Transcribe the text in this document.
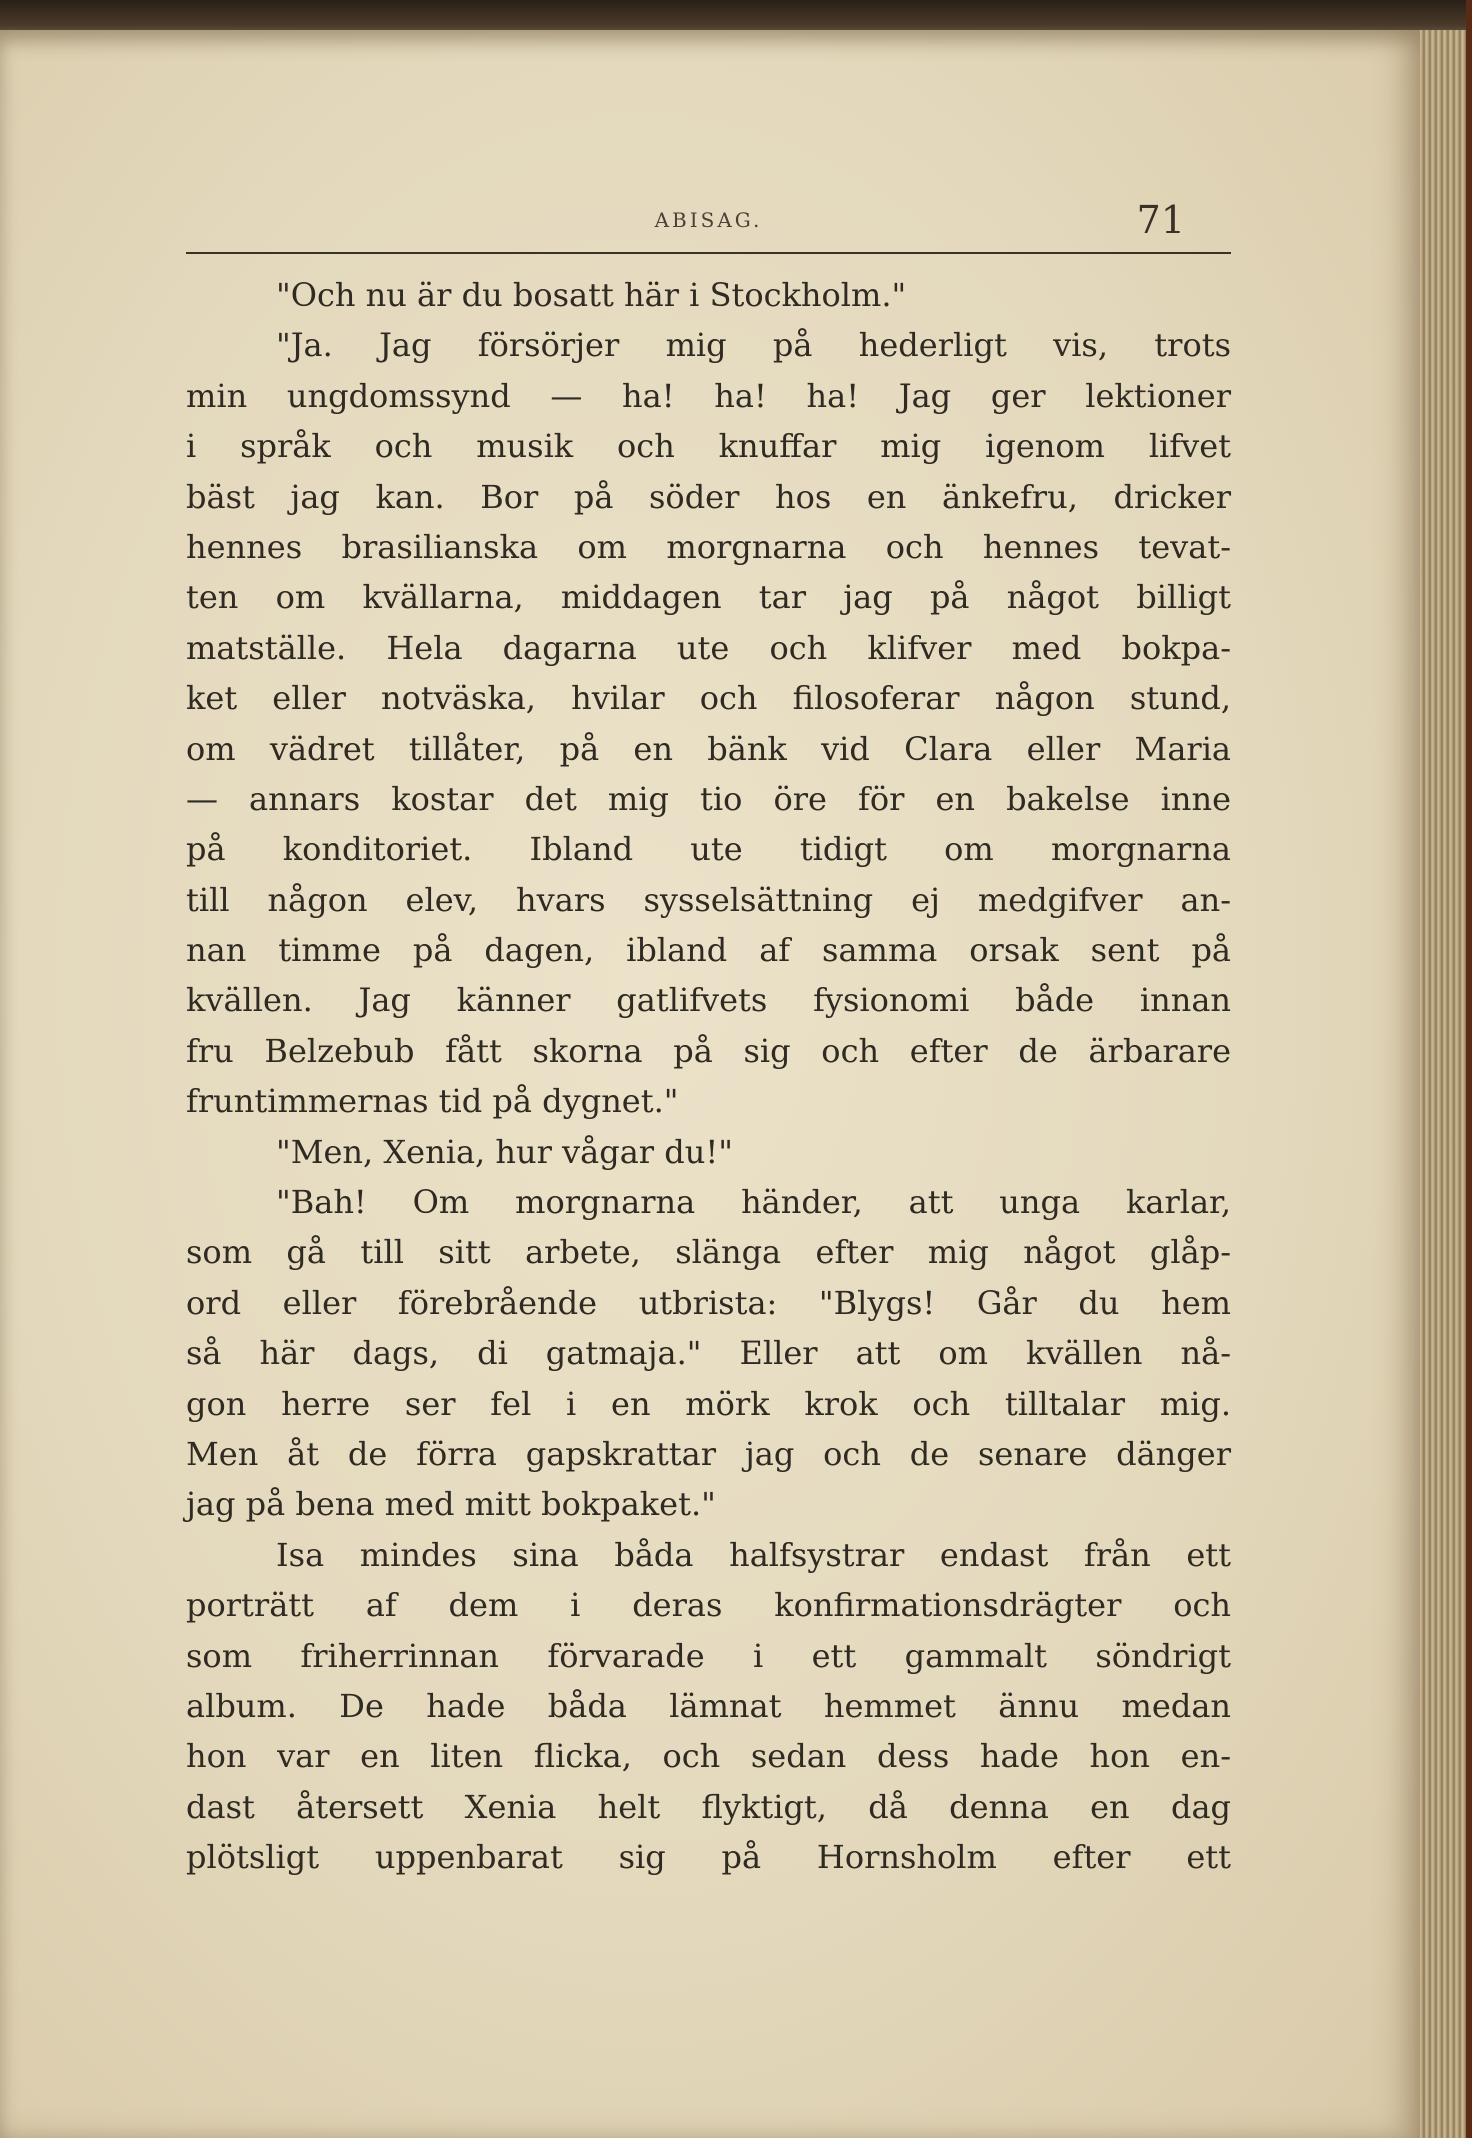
ABISAG.	71
"Och nu är du bosatt här i Stockholm."
"Ja. Jag försörjer mig på hederligt vis, trots
min ungdomssynd — ha! ha! ha! Jag ger lektioner
i språk och musik och knuffar mig igenom lifvet
bäst jag kan. Bor på söder hos en änkefru, dricker
hennes brasilianska om morgnarna och hennes tevat-
ten om kvällarna, middagen tar jag på något billigt
matställe. Hela dagarna ute och klifver med bokpa-
ket eller notväska, hvilar och filosoferar någon stund,
om vädret tillåter, på en bänk vid Clara eller Maria
— annars kostar det mig tio öre för en bakelse inne
på konditoriet. Ibland ute tidigt om morgnarna
till någon elev, hvars sysselsättning ej medgifver an-
nan timme på dagen, ibland af samma orsak sent på
kvällen. Jag känner gatlifvets fysionomi både innan
fru Belzebub fått skorna på sig och efter de ärbarare
fruntimmernas tid på dygnet."
"Men, Xenia, hur vågar du!"
"Bah! Om morgnarna händer, att unga karlar,
som gå till sitt arbete, slänga efter mig något glåp-
ord eller förebrående utbrista: "Blygs! Går du hem
så här dags, di gatmaja." Eller att om kvällen nå-
gon herre ser fel i en mörk krok och tilltalar mig.
Men åt de förra gapskrattar jag och de senare dänger
jag på bena med mitt bokpaket."
Isa mindes sina båda halfsystrar endast från ett
porträtt af dem i deras konfirmationsdrägter och
som friherrinnan förvarade i ett gammalt söndrigt
album. De hade båda lämnat hemmet ännu medan
hon var en liten flicka, och sedan dess hade hon en-
dast återsett Xenia helt flyktigt, då denna en dag
plötsligt uppenbarat sig på Hornsholm efter ett
